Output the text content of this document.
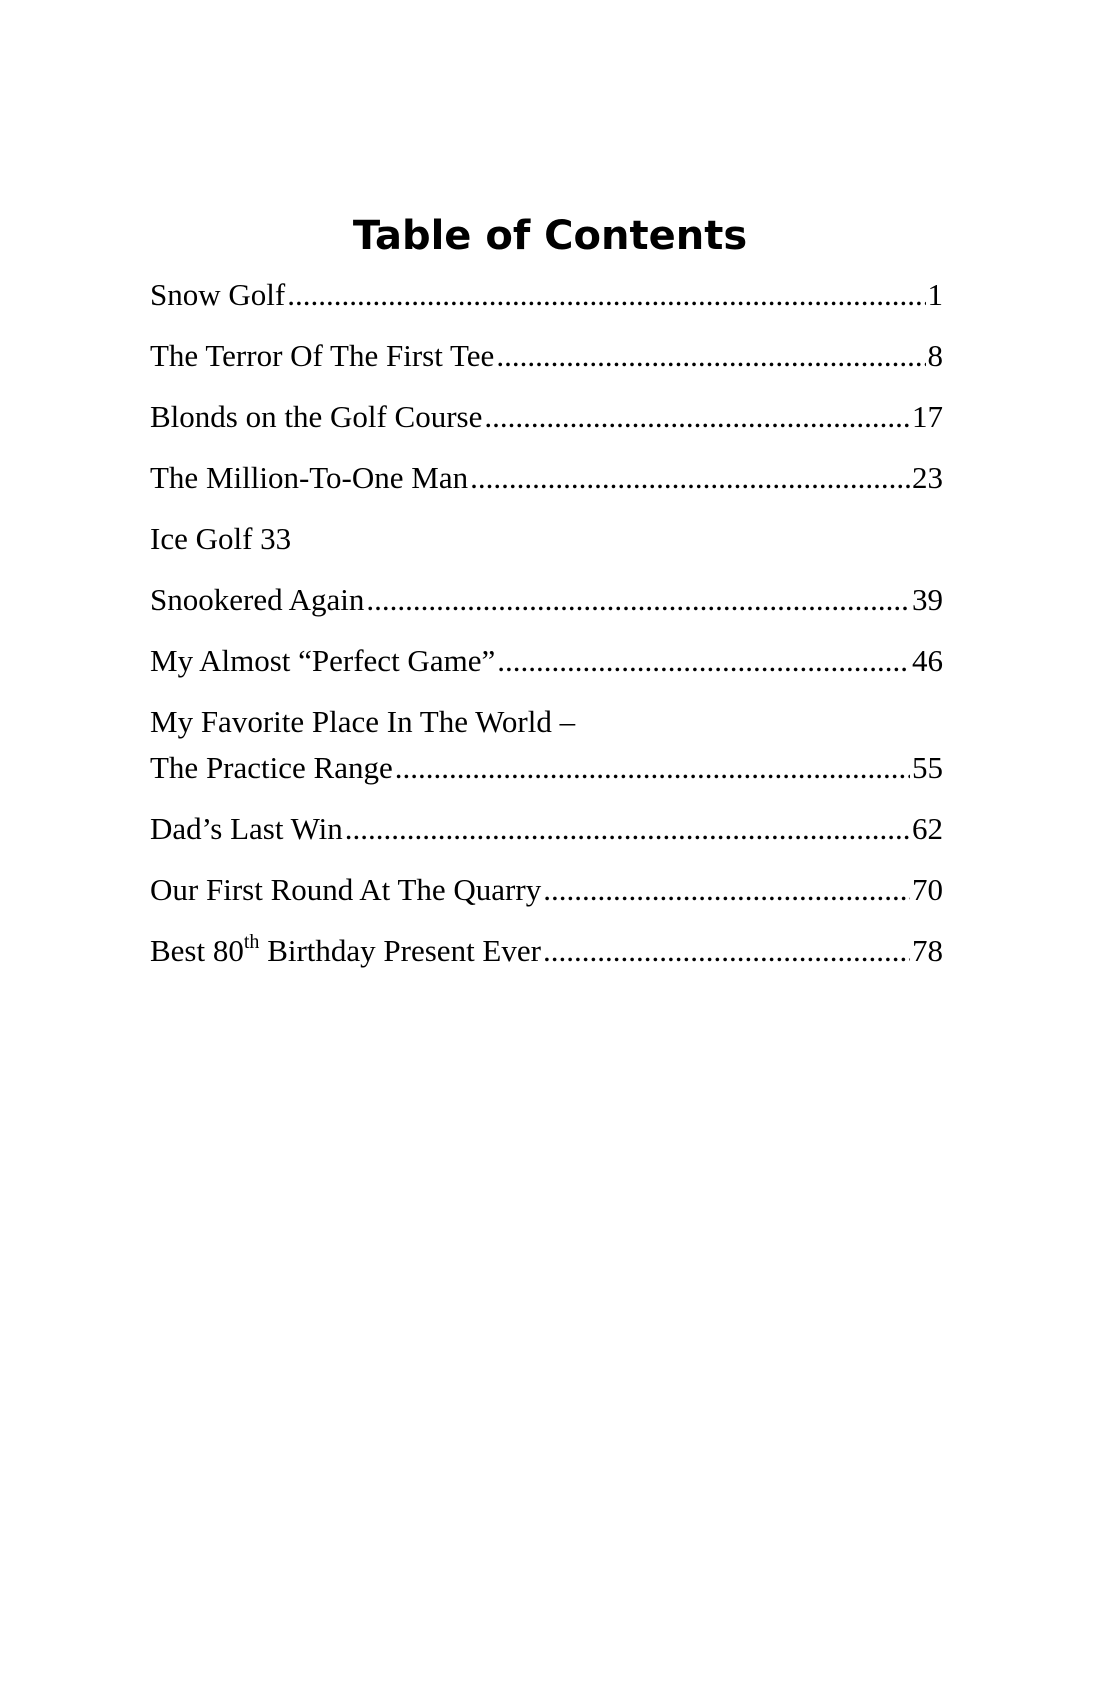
Table of Contents
Snow Golf .....	1
The Terror Of The First Tee .....	8
Blonds on the Golf Course .....	17
The Million-To-One Man .....	23
Ice Golf 33
Snookered Again .....	39
My Almost “Perfect Game” .....	46
My Favorite Place In The World –
The Practice Range .....	55
Dad’s Last Win .....	62
Our First Round At The Quarry .....	70
Best 80th Birthday Present Ever .....	78
